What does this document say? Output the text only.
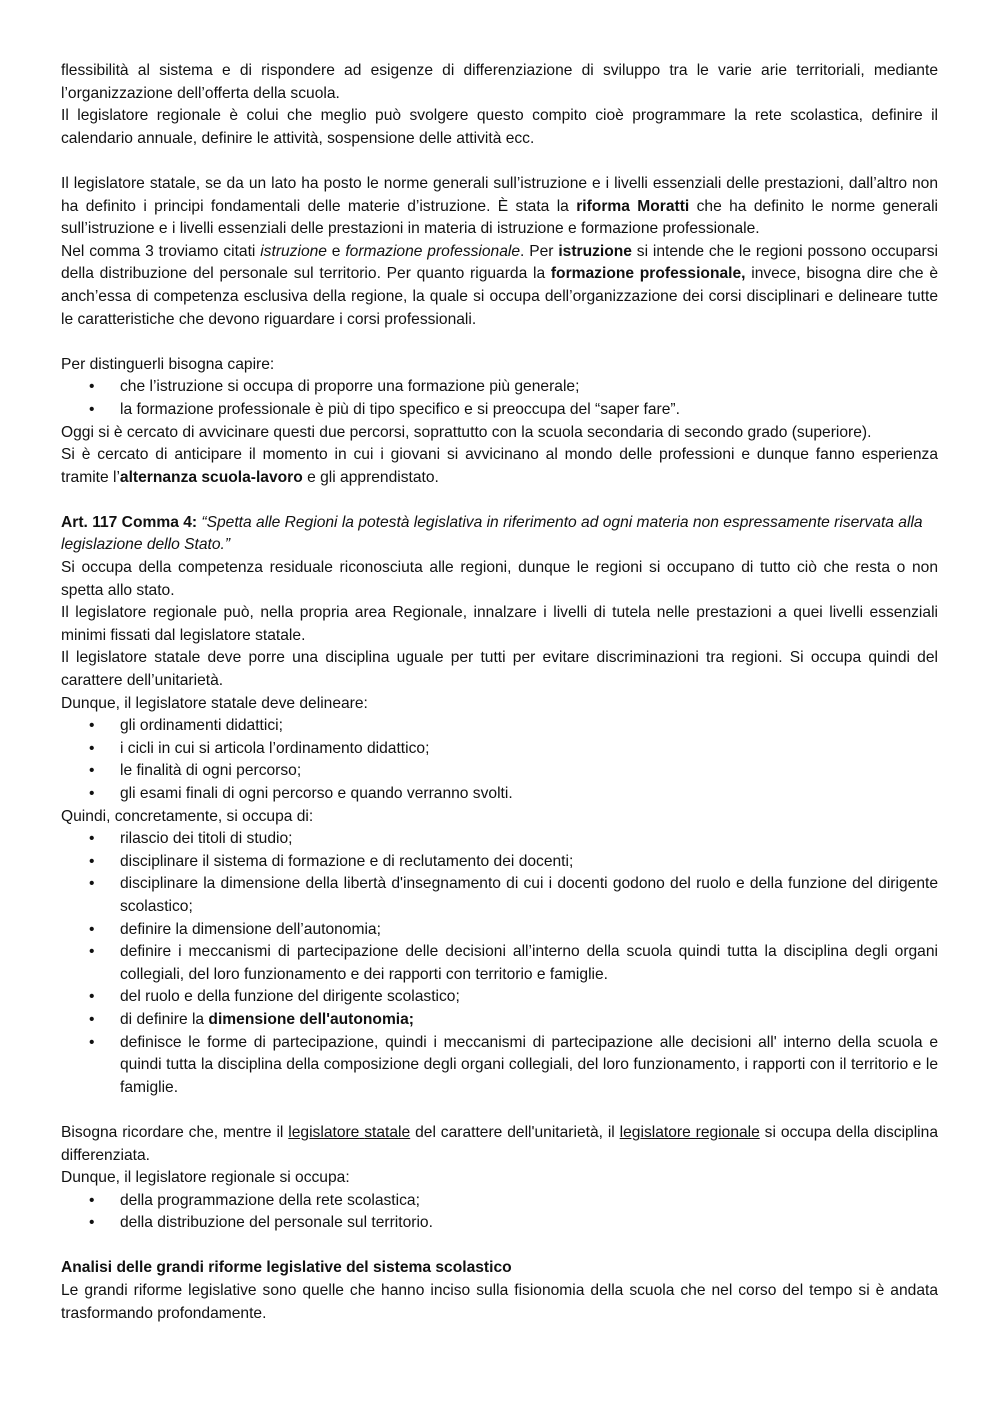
flessibilità al sistema e di rispondere ad esigenze di differenziazione di sviluppo tra le varie arie territoriali, mediante l’organizzazione dell’offerta della scuola.

Il legislatore regionale è colui che meglio può svolgere questo compito cioè programmare la rete scolastica, definire il calendario annuale, definire le attività, sospensione delle attività ecc.

Il legislatore statale, se da un lato ha posto le norme generali sull’istruzione e i livelli essenziali delle prestazioni, dall’altro non ha definito i principi fondamentali delle materie d’istruzione. È stata la riforma Moratti che ha definito le norme generali sull’istruzione e i livelli essenziali delle prestazioni in materia di istruzione e formazione professionale.

Nel comma 3 troviamo citati istruzione e formazione professionale. Per istruzione si intende che le regioni possono occuparsi della distribuzione del personale sul territorio. Per quanto riguarda la formazione professionale, invece, bisogna dire che è anch’essa di competenza esclusiva della regione, la quale si occupa dell’organizzazione dei corsi disciplinari e delineare tutte le caratteristiche che devono riguardare i corsi professionali.

Per distinguerli bisogna capire:

• che l’istruzione si occupa di proporre una formazione più generale;
• la formazione professionale è più di tipo specifico e si preoccupa del “saper fare”.

Oggi si è cercato di avvicinare questi due percorsi, soprattutto con la scuola secondaria di secondo grado (superiore).

Si è cercato di anticipare il momento in cui i giovani si avvicinano al mondo delle professioni e dunque fanno esperienza tramite l’alternanza scuola-lavoro e gli apprendistato.

Art. 117 Comma 4: “Spetta alle Regioni la potestà legislativa in riferimento ad ogni materia non espressamente riservata alla legislazione dello Stato.”

Si occupa della competenza residuale riconosciuta alle regioni, dunque le regioni si occupano di tutto ciò che resta o non spetta allo stato.

Il legislatore regionale può, nella propria area Regionale, innalzare i livelli di tutela nelle prestazioni a quei livelli essenziali minimi fissati dal legislatore statale.

Il legislatore statale deve porre una disciplina uguale per tutti per evitare discriminazioni tra regioni. Si occupa quindi del carattere dell’unitarietà.

Dunque, il legislatore statale deve delineare:

• gli ordinamenti didattici;
• i cicli in cui si articola l’ordinamento didattico;
• le finalità di ogni percorso;
• gli esami finali di ogni percorso e quando verranno svolti.

Quindi, concretamente, si occupa di:

• rilascio dei titoli di studio;
• disciplinare il sistema di formazione e di reclutamento dei docenti;
• disciplinare la dimensione della libertà d'insegnamento di cui i docenti godono del ruolo e della funzione del dirigente scolastico;
• definire la dimensione dell’autonomia;
• definire i meccanismi di partecipazione delle decisioni all’interno della scuola quindi tutta la disciplina degli organi collegiali, del loro funzionamento e dei rapporti con territorio e famiglie.
• del ruolo e della funzione del dirigente scolastico;
• di definire la dimensione dell'autonomia;
• definisce le forme di partecipazione, quindi i meccanismi di partecipazione alle decisioni all' interno della scuola e quindi tutta la disciplina della composizione degli organi collegiali, del loro funzionamento, i rapporti con il territorio e le famiglie.

Bisogna ricordare che, mentre il legislatore statale del carattere dell'unitarietà, il legislatore regionale si occupa della disciplina differenziata.

Dunque, il legislatore regionale si occupa:

• della programmazione della rete scolastica;
• della distribuzione del personale sul territorio.

Analisi delle grandi riforme legislative del sistema scolastico

Le grandi riforme legislative sono quelle che hanno inciso sulla fisionomia della scuola che nel corso del tempo si è andata trasformando profondamente.
